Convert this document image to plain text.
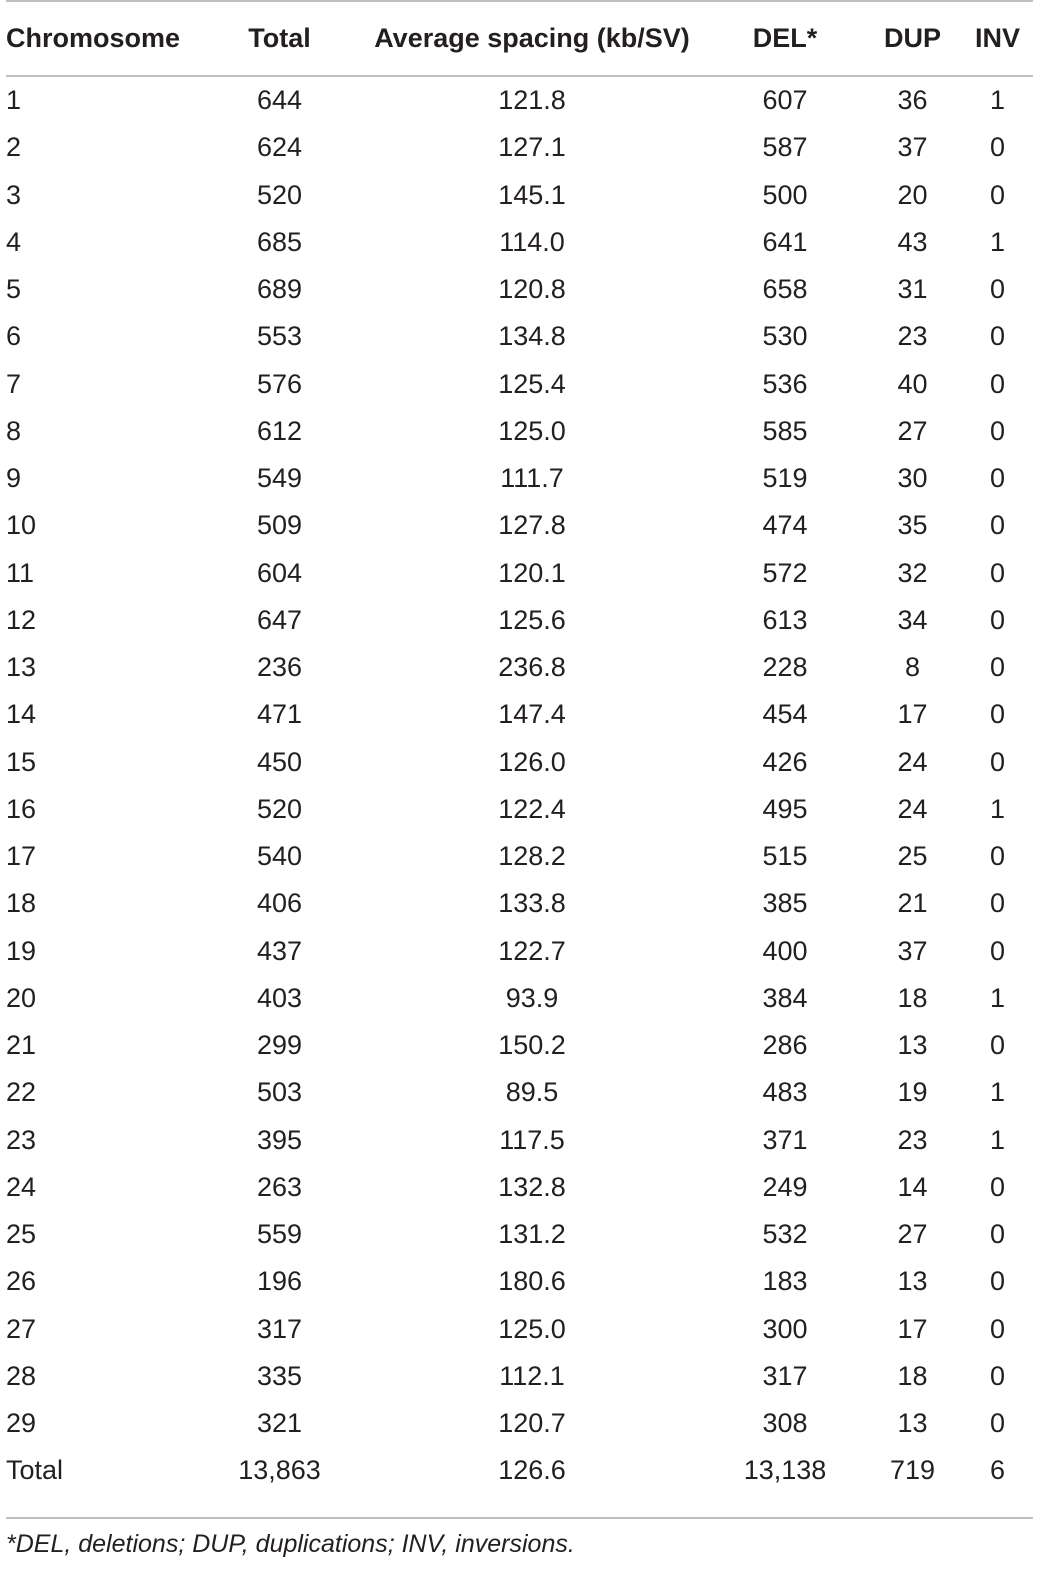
Chromosome	Total	Average spacing (kb/SV)	DEL*	DUP	INV
1	644	121.8	607	36	1
2	624	127.1	587	37	0
3	520	145.1	500	20	0
4	685	114.0	641	43	1
5	689	120.8	658	31	0
6	553	134.8	530	23	0
7	576	125.4	536	40	0
8	612	125.0	585	27	0
9	549	111.7	519	30	0
10	509	127.8	474	35	0
11	604	120.1	572	32	0
12	647	125.6	613	34	0
13	236	236.8	228	8	0
14	471	147.4	454	17	0
15	450	126.0	426	24	0
16	520	122.4	495	24	1
17	540	128.2	515	25	0
18	406	133.8	385	21	0
19	437	122.7	400	37	0
20	403	93.9	384	18	1
21	299	150.2	286	13	0
22	503	89.5	483	19	1
23	395	117.5	371	23	1
24	263	132.8	249	14	0
25	559	131.2	532	27	0
26	196	180.6	183	13	0
27	317	125.0	300	17	0
28	335	112.1	317	18	0
29	321	120.7	308	13	0
Total	13,863	126.6	13,138	719	6
*DEL, deletions; DUP, duplications; INV, inversions.
